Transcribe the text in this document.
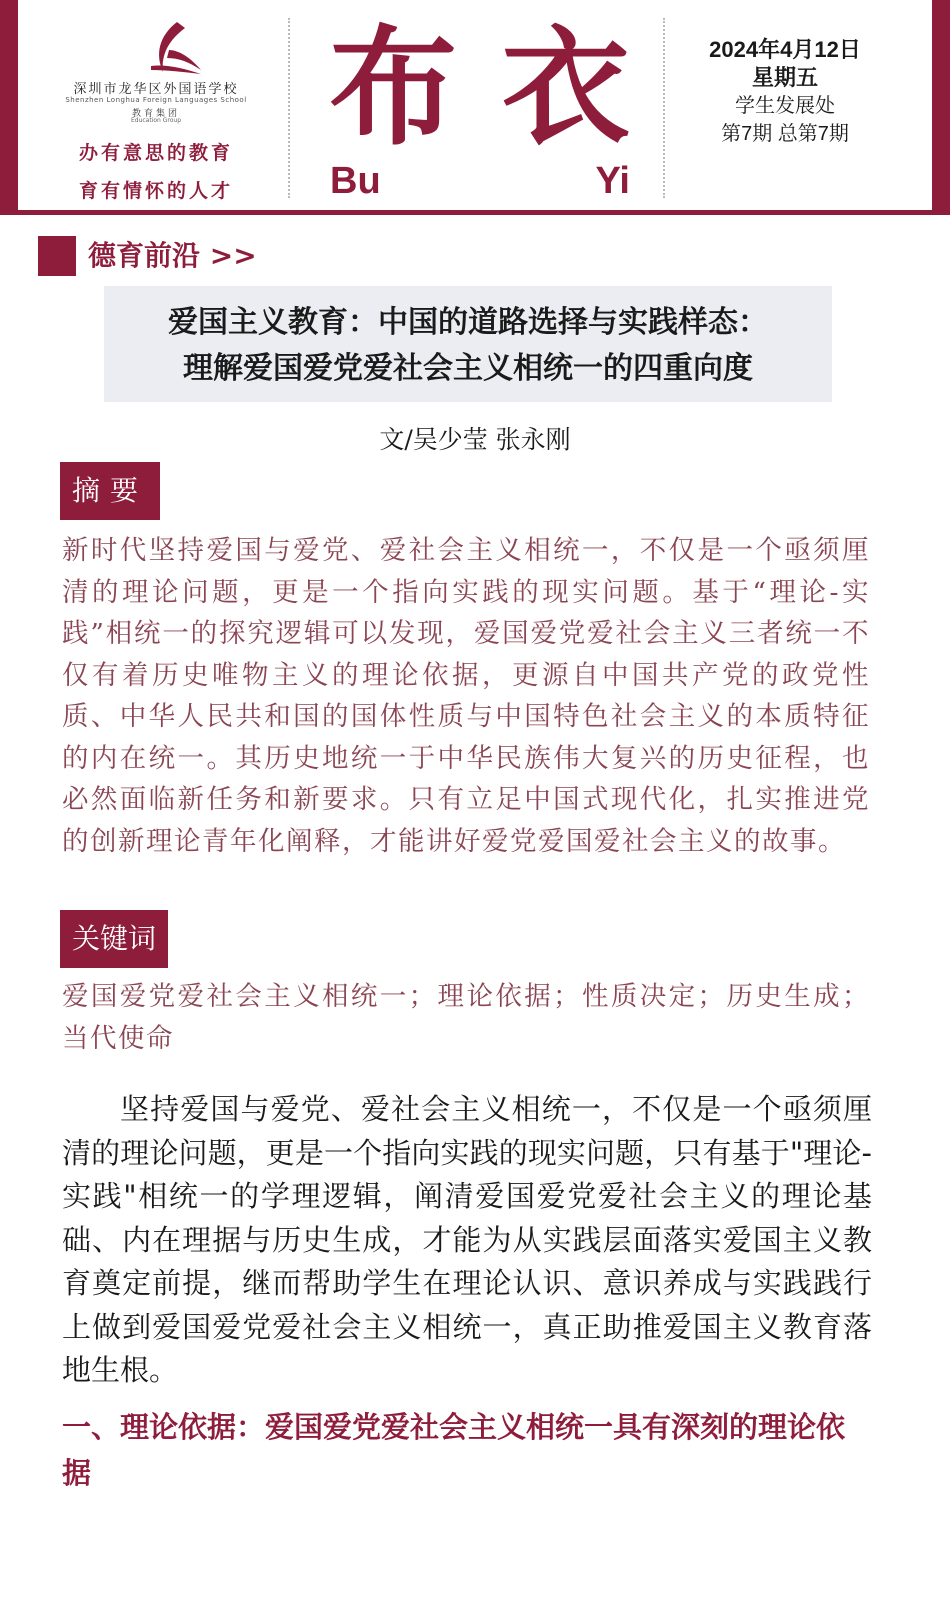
深圳市龙华区外国语学校
Shenzhen Longhua Foreign Languages School
教育集团
Education Group
办有意思的教育
育有情怀的人才
布 衣
Bu	Yi
2024年4月12日
星期五
学生发展处
第7期 总第7期
德育前沿 >>
爱国主义教育：中国的道路选择与实践样态：
理解爱国爱党爱社会主义相统一的四重向度
文/吴少莹 张永刚
摘要

新时代坚持爱国与爱党、爱社会主义相统一，不仅是一个亟须厘清的理论问题，更是一个指向实践的现实问题。基于“理论-实践”相统一的探究逻辑可以发现，爱国爱党爱社会主义三者统一不仅有着历史唯物主义的理论依据，更源自中国共产党的政党性质、中华人民共和国的国体性质与中国特色社会主义的本质特征的内在统一。其历史地统一于中华民族伟大复兴的历史征程，也必然面临新任务和新要求。只有立足中国式现代化，扎实推进党的创新理论青年化阐释，才能讲好爱党爱国爱社会主义的故事。

关键词

爱国爱党爱社会主义相统一；理论依据；性质决定；历史生成；当代使命

坚持爱国与爱党、爱社会主义相统一，不仅是一个亟须厘清的理论问题，更是一个指向实践的现实问题，只有基于"理论-实践"相统一的学理逻辑，阐清爱国爱党爱社会主义的理论基础、内在理据与历史生成，才能为从实践层面落实爱国主义教育奠定前提，继而帮助学生在理论认识、意识养成与实践践行上做到爱国爱党爱社会主义相统一，真正助推爱国主义教育落地生根。

一、理论依据：爱国爱党爱社会主义相统一具有深刻的理论依据
